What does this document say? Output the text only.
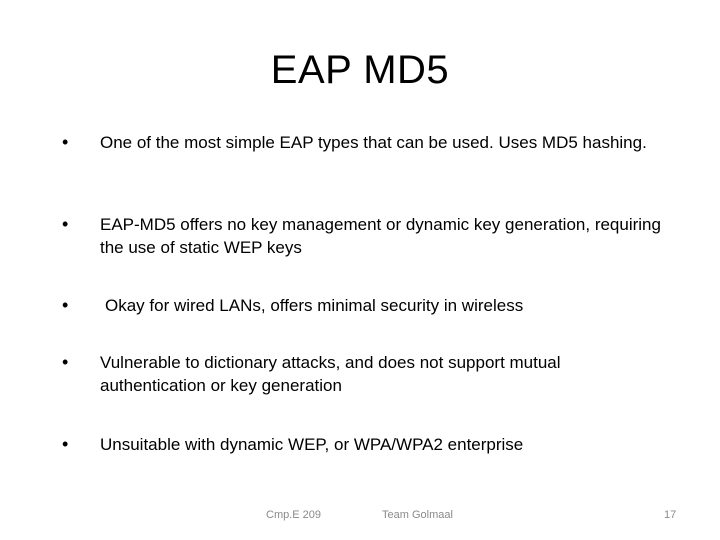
EAP MD5
• One of the most simple EAP types that can be used. Uses MD5 hashing.
• EAP-MD5 offers no key management or dynamic key generation, requiring the use of static WEP keys
• Okay for wired LANs, offers minimal security in wireless
• Vulnerable to dictionary attacks, and does not support mutual authentication or key generation
• Unsuitable with dynamic WEP, or WPA/WPA2 enterprise
Cmp.E 209	Team Golmaal	17
